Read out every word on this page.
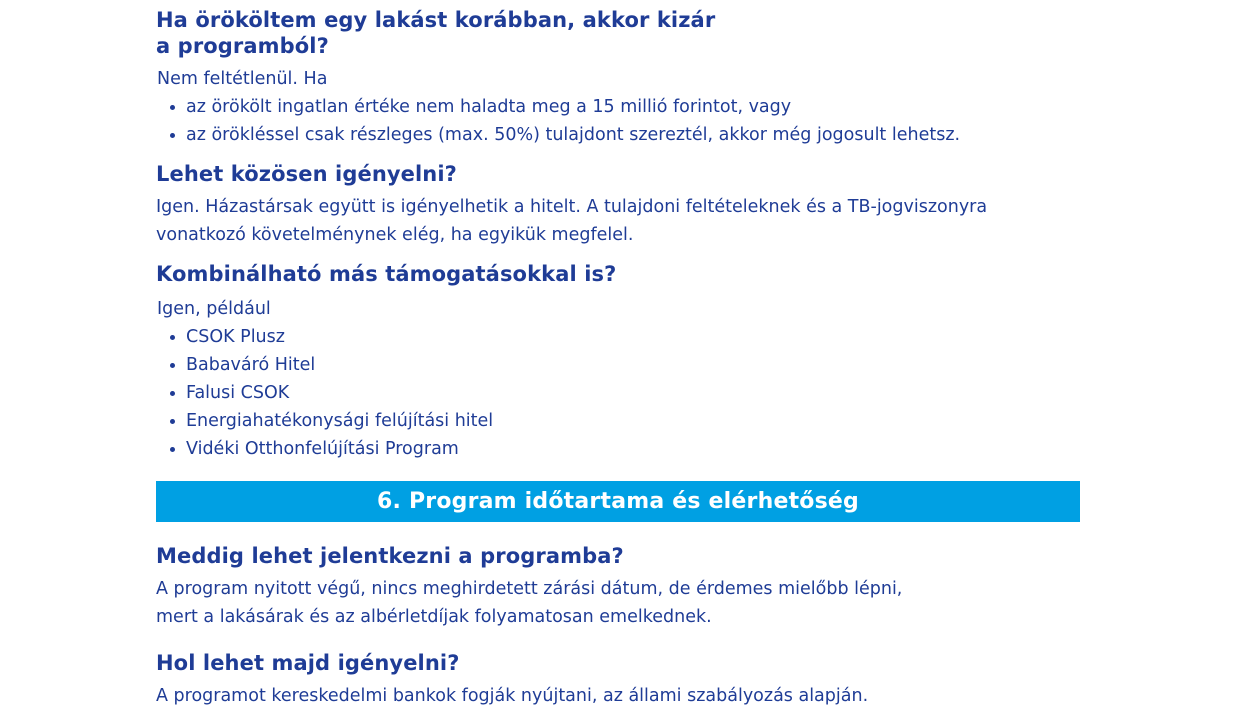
Ha örököltem egy lakást korábban, akkor kizár
a programból?

Nem feltétlenül. Ha

• az örökölt ingatlan értéke nem haladta meg a 15 millió forintot, vagy
• az örökléssel csak részleges (max. 50%) tulajdont szereztél, akkor még jogosult lehetsz.
Lehet közösen igényelni?

Igen. Házastársak együtt is igényelhetik a hitelt. A tulajdoni feltételeknek és a TB-jogviszonyra
vonatkozó követelménynek elég, ha egyikük megfelel.

Kombinálható más támogatásokkal is?

Igen, például

• CSOK Plusz
• Babaváró Hitel
• Falusi CSOK
• Energiahatékonysági felújítási hitel
• Vidéki Otthonfelújítási Program
6. Program időtartama és elérhetőség
Meddig lehet jelentkezni a programba?

A program nyitott végű, nincs meghirdetett zárási dátum, de érdemes mielőbb lépni,
mert a lakásárak és az albérletdíjak folyamatosan emelkednek.

Hol lehet majd igényelni?

A programot kereskedelmi bankok fogják nyújtani, az állami szabályozás alapján.
